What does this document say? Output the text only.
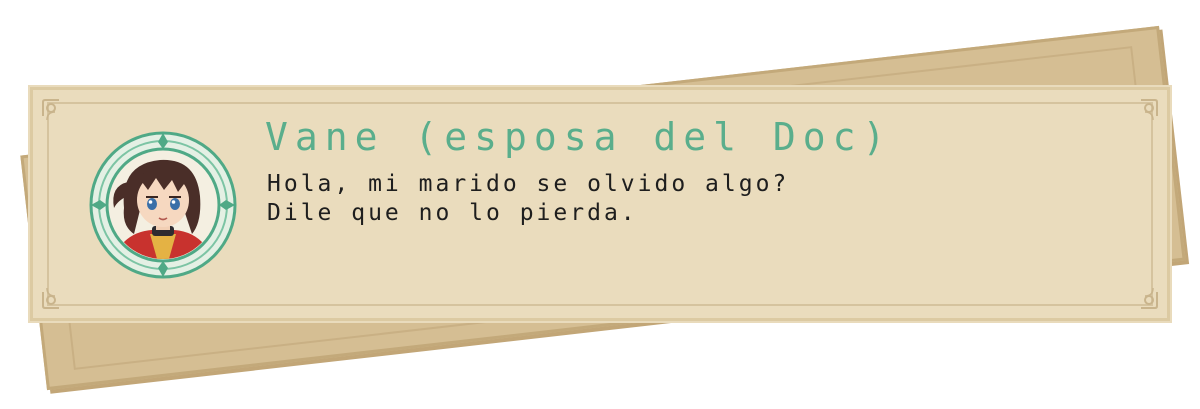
Vane (esposa del Doc)

Hola, mi marido se olvido algo?
Dile que no lo pierda.
